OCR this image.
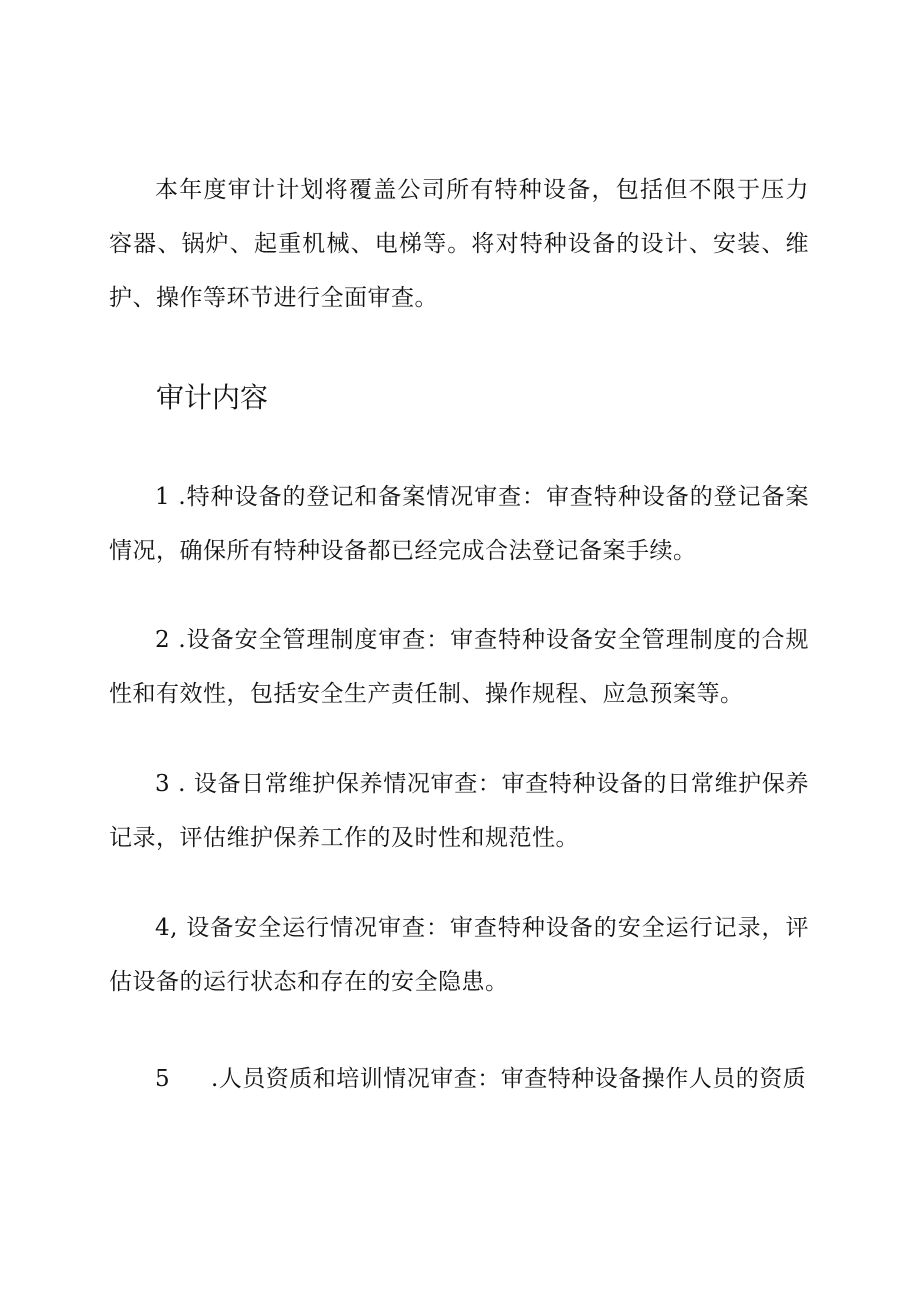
本年度审计计划将覆盖公司所有特种设备，包括但不限于压力容器、锅炉、起重机械、电梯等。将对特种设备的设计、安装、维护、操作等环节进行全面审查。

审计内容

1 .特种设备的登记和备案情况审查：审查特种设备的登记备案情况，确保所有特种设备都已经完成合法登记备案手续。

2 .设备安全管理制度审查：审查特种设备安全管理制度的合规性和有效性，包括安全生产责任制、操作规程、应急预案等。

3 . 设备日常维护保养情况审查：审查特种设备的日常维护保养记录，评估维护保养工作的及时性和规范性。

4, 设备安全运行情况审查：审查特种设备的安全运行记录，评估设备的运行状态和存在的安全隐患。

5 .人员资质和培训情况审查：审查特种设备操作人员的资质
